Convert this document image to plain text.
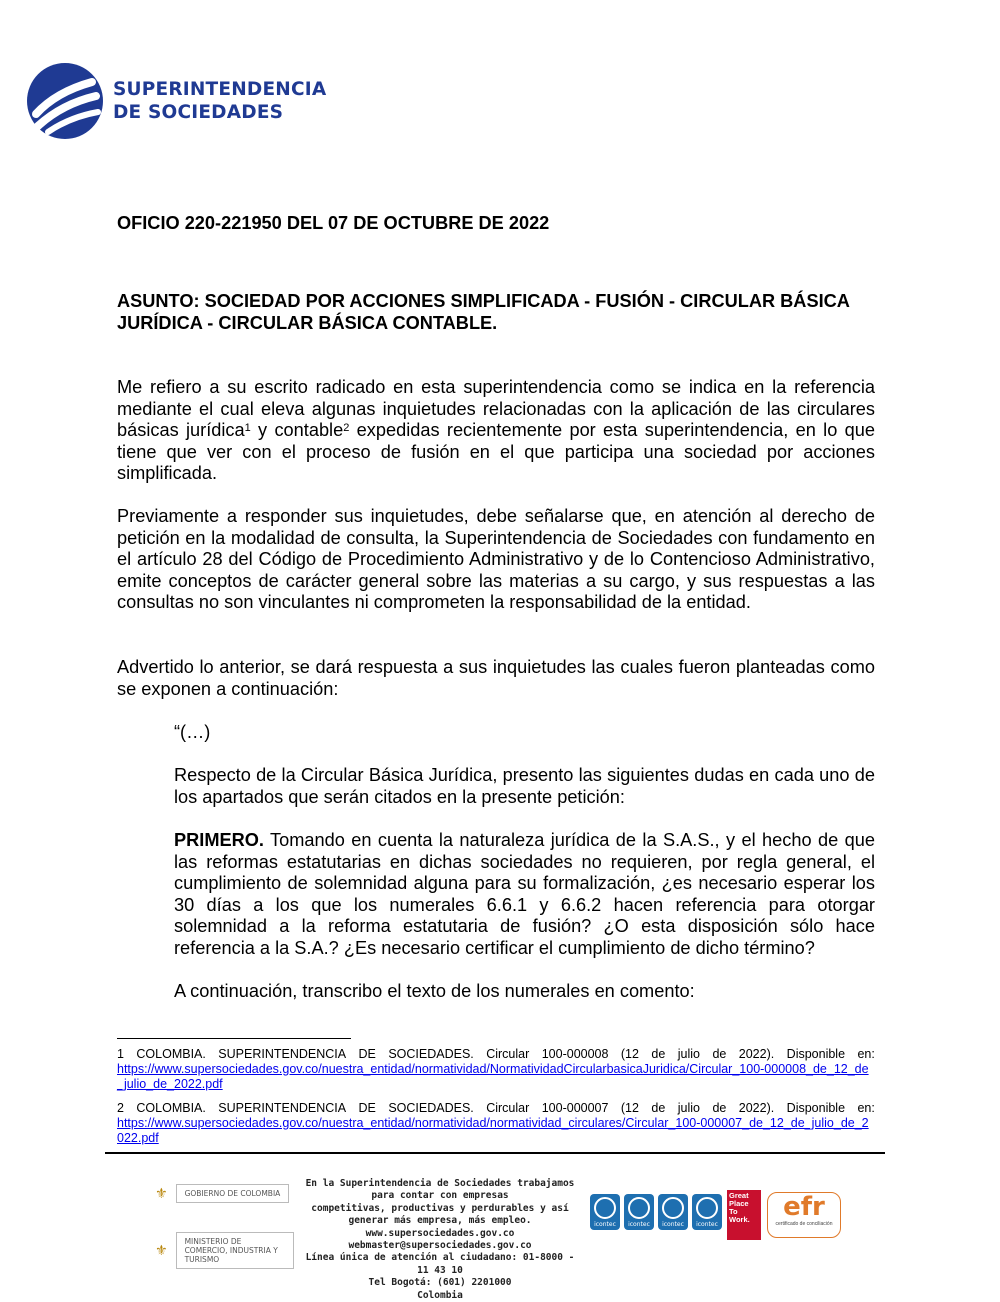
SUPERINTENDENCIA
DE SOCIEDADES
OFICIO 220-221950 DEL 07 DE OCTUBRE DE 2022
ASUNTO: SOCIEDAD POR ACCIONES SIMPLIFICADA - FUSIÓN - CIRCULAR BÁSICA JURÍDICA - CIRCULAR BÁSICA CONTABLE.

Me refiero a su escrito radicado en esta superintendencia como se indica en la referencia mediante el cual eleva algunas inquietudes relacionadas con la aplicación de las circulares básicas jurídica$^1$ y contable$^2$ expedidas recientemente por esta superintendencia, en lo que tiene que ver con el proceso de fusión en el que participa una sociedad por acciones simplificada.

Previamente a responder sus inquietudes, debe señalarse que, en atención al derecho de petición en la modalidad de consulta, la Superintendencia de Sociedades con fundamento en el artículo 28 del Código de Procedimiento Administrativo y de lo Contencioso Administrativo, emite conceptos de carácter general sobre las materias a su cargo, y sus respuestas a las consultas no son vinculantes ni comprometen la responsabilidad de la entidad.

Advertido lo anterior, se dará respuesta a sus inquietudes las cuales fueron planteadas como se exponen a continuación:

“(…)

Respecto de la Circular Básica Jurídica, presento las siguientes dudas en cada uno de los apartados que serán citados en la presente petición:

PRIMERO. Tomando en cuenta la naturaleza jurídica de la S.A.S., y el hecho de que las reformas estatutarias en dichas sociedades no requieren, por regla general, el cumplimiento de solemnidad alguna para su formalización, ¿es necesario esperar los 30 días a los que los numerales 6.6.1 y 6.6.2 hacen referencia para otorgar solemnidad a la reforma estatutaria de fusión? ¿O esta disposición sólo hace referencia a la S.A.? ¿Es necesario certificar el cumplimiento de dicho término?

A continuación, transcribo el texto de los numerales en comento:

1 COLOMBIA. SUPERINTENDENCIA DE SOCIEDADES. Circular 100-000008 (12 de julio de 2022). Disponible en:
https://www.supersociedades.gov.co/nuestra_entidad/normatividad/NormatividadCircularbasicaJuridica/Circular_100-000008_de_12_de_julio_de_2022.pdf
2 COLOMBIA. SUPERINTENDENCIA DE SOCIEDADES. Circular 100-000007 (12 de julio de 2022). Disponible en:
https://www.supersociedades.gov.co/nuestra_entidad/normatividad/normatividad_circulares/Circular_100-000007_de_12_de_julio_de_2022.pdf
⚜	GOBIERNO DE COLOMBIA
⚜
MINISTERIO DE COMERCIO, INDUSTRIA Y TURISMO
En la Superintendencia de Sociedades trabajamos para contar con empresas
competitivas, productivas y perdurables y así generar más empresa, más empleo.
www.supersociedades.gov.co
webmaster@supersociedades.gov.co
Línea única de atención al ciudadano: 01-8000 - 11 43 10
Tel Bogotá: (601) 2201000
Colombia
icontec	icontec	icontec	icontec
Great Place To Work.	efr
certificado de conciliación
